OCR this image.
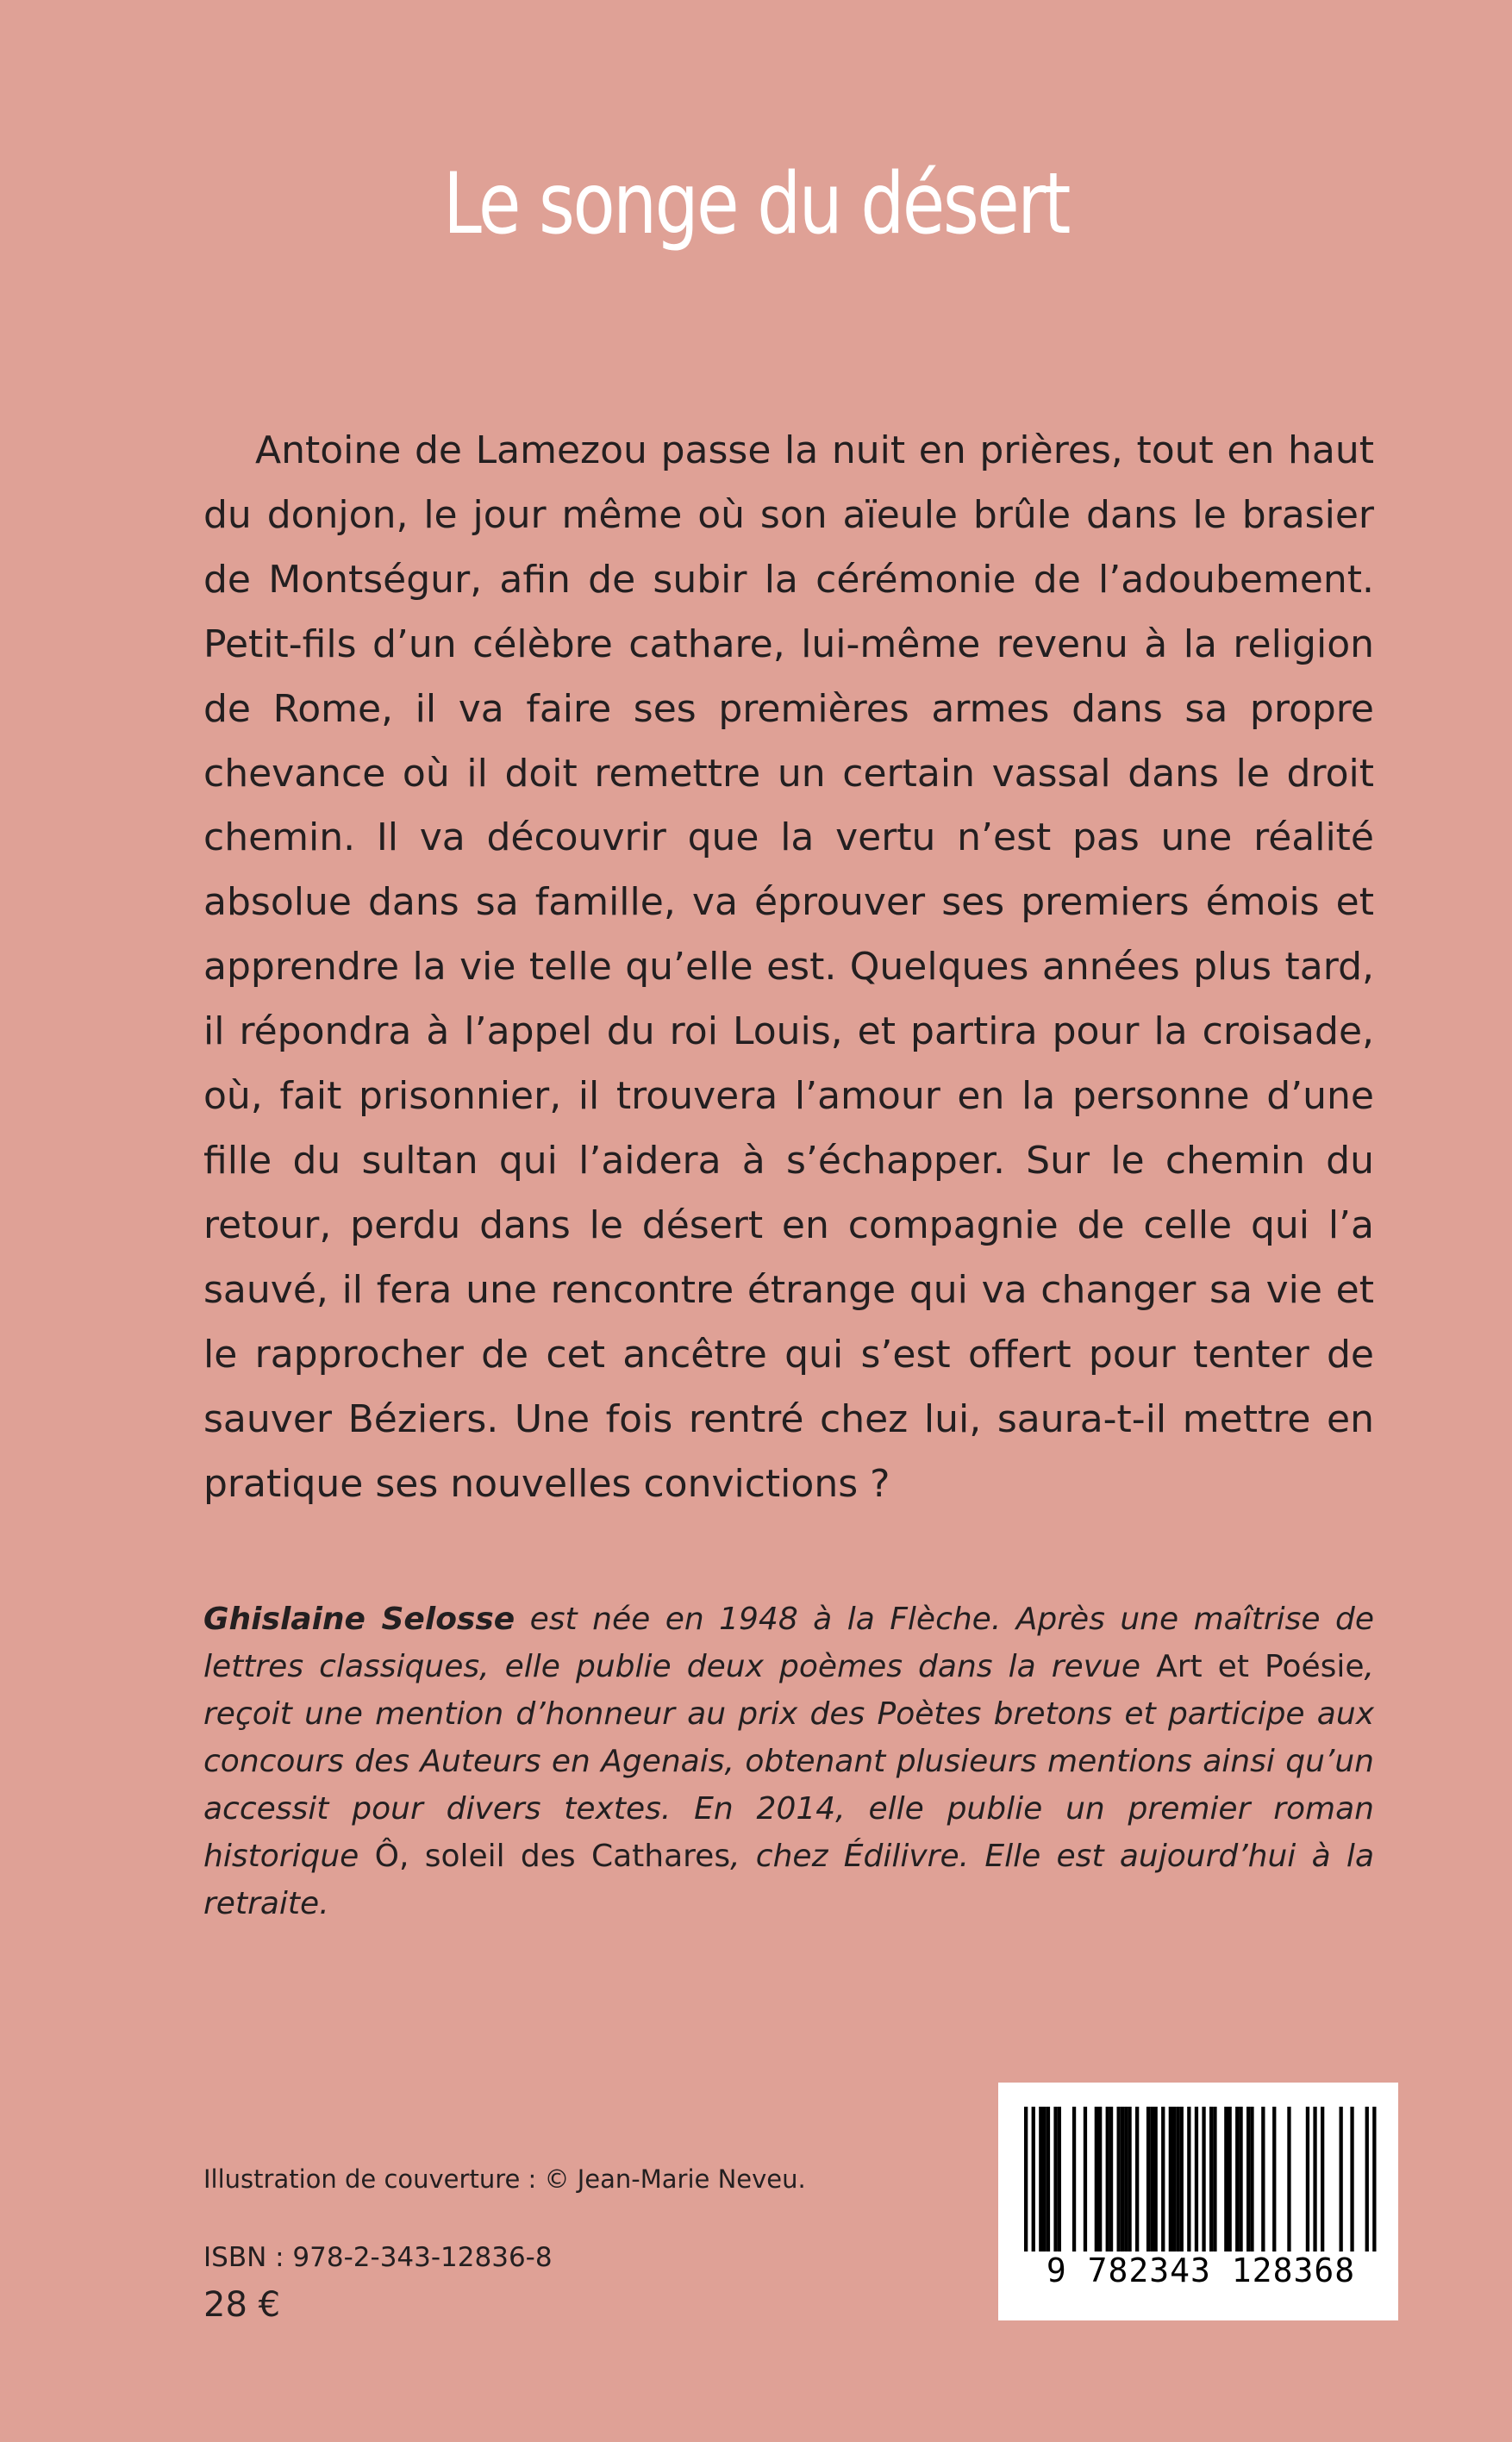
Le songe du désert

Antoine de Lamezou passe la nuit en prières, tout en haut du donjon, le jour même où son aïeule brûle dans le brasier de Montségur, afin de subir la cérémonie de l’adoubement. Petit-fils d’un célèbre cathare, lui-même revenu à la religion de Rome, il va faire ses premières armes dans sa propre chevance où il doit remettre un certain vassal dans le droit chemin. Il va découvrir que la vertu n’est pas une réalité absolue dans sa famille, va éprouver ses premiers émois et apprendre la vie telle qu’elle est. Quelques années plus tard, il répondra à l’appel du roi Louis, et partira pour la croisade, où, fait prisonnier, il trouvera l’amour en la personne d’une fille du sultan qui l’aidera à s’échapper. Sur le chemin du retour, perdu dans le désert en compagnie de celle qui l’a sauvé, il fera une rencontre étrange qui va changer sa vie et le rapprocher de cet ancêtre qui s’est offert pour tenter de sauver Béziers. Une fois rentré chez lui, saura-t-il mettre en pratique ses nouvelles convictions ?

Ghislaine Selosse est née en 1948 à la Flèche. Après une maîtrise de lettres classiques, elle publie deux poèmes dans la revue Art et Poésie, reçoit une mention d’honneur au prix des Poètes bretons et participe aux concours des Auteurs en Agenais, obtenant plusieurs mentions ainsi qu’un accessit pour divers textes. En 2014, elle publie un premier roman historique Ô, soleil des Cathares, chez Édilivre. Elle est aujourd’hui à la retraite.

Illustration de couverture : © Jean-Marie Neveu.
ISBN : 978-2-343-12836-8
28 €
9 782343 128368
